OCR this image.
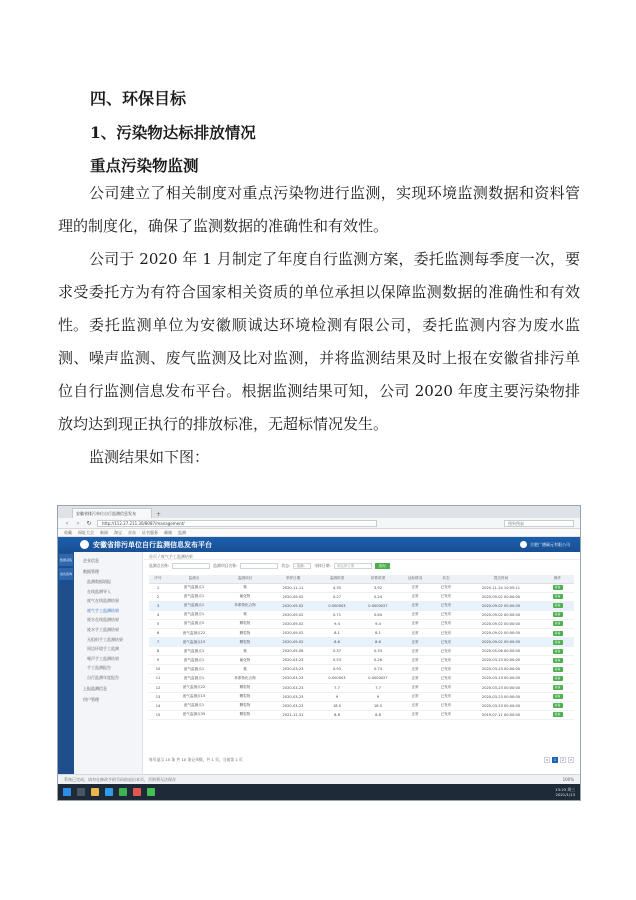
四、环保目标
1、污染物达标排放情况
重点污染物监测

公司建立了相关制度对重点污染物进行监测，实现环境监测数据和资料管理的制度化，确保了监测数据的准确性和有效性。

公司于 2020 年 1 月制定了年度自行监测方案，委托监测每季度一次，要求受委托方为有符合国家相关资质的单位承担以保障监测数据的准确性和有效性。 委托监测单位为安徽顺诚达环境检测有限公司，委托监测内容为废水监测、噪声监测、废气监测及比对监测，并将监测结果及时上报在安徽省排污单位自行监测信息发布平台。根据监测结果可知，公司 2020 年度主要污染物排放均达到现正执行的排放标准，无超标情况发生。

监测结果如下图：

安徽省排污单位自行监测信息发布	+
‹ › ↻	http://112.27.211.30/8087/management/	搜狗搜索
收藏 网址大全 新闻 淘宝 京东 证书服务 邮箱 监测
安徽省排污单位自行监测信息发布平台	合肥广德碳元有限公司
数据采集
信息查询
企业信息
数据管理
监测数据填报
在线监测导入
废气在线监测结果
废气手工监测结果
废水在线监测结果
废水手工监测结果
无组织手工监测结果
周边环境手工监测
噪声手工监测结果
手工监测报告
自行监测年度报告
上报监测信息
用户管理
首页 / 废气手工监测结果
监测点名称:	监测项目名称:	状态:	-全部-	采样日期:	请选择日期	查询
序号	监测点	监测项目	采样日期	监测浓度	折算浓度	达标情况	状态	提交时间	操作
1	废气监测点1	氮	2020-11-11	4.35	3.92	正常	已发布	2020-11-24 10:55:11	查看
2	废气监测点1	氟化物	2020-09-02	0.27	0.24	正常	已发布	2020-09-02 00:00:00	查看
3	废气监测点1	苯系物化合物	2020-09-02	0.000003	0.0000027	正常	已发布	2020-09-02 00:00:00	查看
4	废气监测点1	氮	2020-09-02	0.71	0.64	正常	已发布	2020-09-02 00:00:00	查看
5	废气监测点5	颗粒物	2020-09-02	9.4	9.4	正常	已发布	2020-09-02 00:00:00	查看
6	废气监测点22	颗粒物	2020-09-02	8.1	8.1	正常	已发布	2020-09-02 00:00:00	查看
7	废气监测点15	颗粒物	2020-09-02	8.6	8.6	正常	已发布	2020-09-02 00:00:00	查看
8	废气监测点1	氮	2020-05-06	0.37	0.33	正常	已发布	2020-05-06 00:00:00	查看
9	废气监测点1	氟化物	2020-03-23	0.53	0.26	正常	已发布	2020-03-23 00:00:00	查看
10	废气监测点1	氮	2020-03-23	0.93	0.74	正常	已发布	2020-03-23 00:00:00	查看
11	废气监测点1	苯系物化合物	2020-03-23	0.000003	0.0000027	正常	已发布	2020-03-23 00:00:00	查看
12	废气监测点22	颗粒物	2020-03-23	7.7	7.7	正常	已发布	2020-03-23 00:00:00	查看
13	废气监测点15	颗粒物	2020-03-23	9	9	正常	已发布	2020-03-23 00:00:00	查看
14	废气监测点1	颗粒物	2020-03-23	18.5	18.5	正常	已发布	2020-03-23 00:00:00	查看
15	废气监测点35	颗粒物	2021-12-31	8.8	8.8	正常	已发布	2019-07-11 00:00:00	查看
每页显示 15 条 共 10 条记录数，共 1 页，当前第 1 页	<	1	2	>
系统已完成，请勿在修改手机号码前退出本页，否则将无法保存	100%
13:23 周三
2021/1/13
